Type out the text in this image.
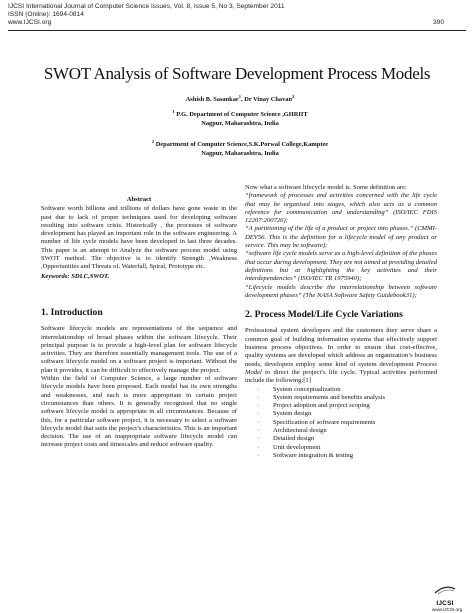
IJCSI International Journal of Computer Science Issues, Vol. 8, Issue 5, No 3, September 2011
ISSN (Online): 1694-0814
www.IJCSI.org	390
SWOT Analysis of Software Development Process Models
Ashish B. Sasankar$^1$, Dr Vinay Chavan$^2$
$^1$ P.G. Department of Computer Science ,GHRIIT
Nagpur, Maharashtra, India
$^2$ Department of Computer Science,S.K.Porwal College,Kamptee
Nagpur, Maharashtra, India
Abstract

Software worth billions and trillions of dollars have gone waste in the past due to lack of proper techniques used for developing software resulting into software crisis. Historically , the processes of software development has played an important role in the software engineering. A number of life cycle models have been developed in last three decades. This paper is an attempt to Analyze the software process model using SWOT method. The objective is to identify Strength ,Weakness ,Opportunities and Threats of. Waterfall, Spiral, Prototype etc.

Keywords: SDLC,SWOT.

1. Introduction

Software lifecycle models are representations of the sequence and interrelationship of broad phases within the software lifecycle. Their principal purpose is to provide a high-level plan for software lifecycle activities. They are therefore essentially management tools. The use of a software lifecycle model on a software project is important. Without the plan it provides, it can be difficult to effectively manage the project.

Within the field of Computer Science, a large number of software lifecycle models have been proposed. Each model has its own strengths and weaknesses, and each is more appropriate in certain project circumstances than others. It is generally recognised that no single software lifecycle model is appropriate in all circumstances. Because of this, for a particular software project, it is necessary to select a software lifecycle model that suits the project’s characteristics. This is an important decision. The use of an inappropriate software lifecycle model can increase project costs and timescales and reduce software quality.

Now what a software lifecycle model is. Some definition are:

“framework of processes and activities concerned with the life cycle that may be organised into stages, which also acts as a common reference for communication and understanding” (ISO/IEC FDIS 12207:200726);

“A partitioning of the life of a product or project into phases.” (CMMI-DEV56. This is the definition for a lifecycle model of any product or service. This may be software);

“software life cycle models serve as a high-level definition of the phases that occur during development. They are not aimed at providing detailed definitions but at highlighting the key activities and their interdependencies” (ISO/IEC TR 1975940);

“Lifecycle models describe the interrelationship between software development phases” (The NASA Software Safety Guidebook31);

2. Process Model/Life Cycle Variations

Professional system developers and the customers they serve share a common goal of building information systems that effectively support business process objectives. In order to ensure that cost-effective, quality systems are developed which address an organization’s business needs, developers employ some kind of system development Process Model to direct the project’s life cycle. Typical activities performed include the following:[1]

· System conceptualization
· System requirements and benefits analysis
· Project adoption and project scoping
· System design
· Specification of software requirements
· Architectural design
· Detailed design
· Unit development
· Software integration & testing
IJCSI
www.IJCSI.org
